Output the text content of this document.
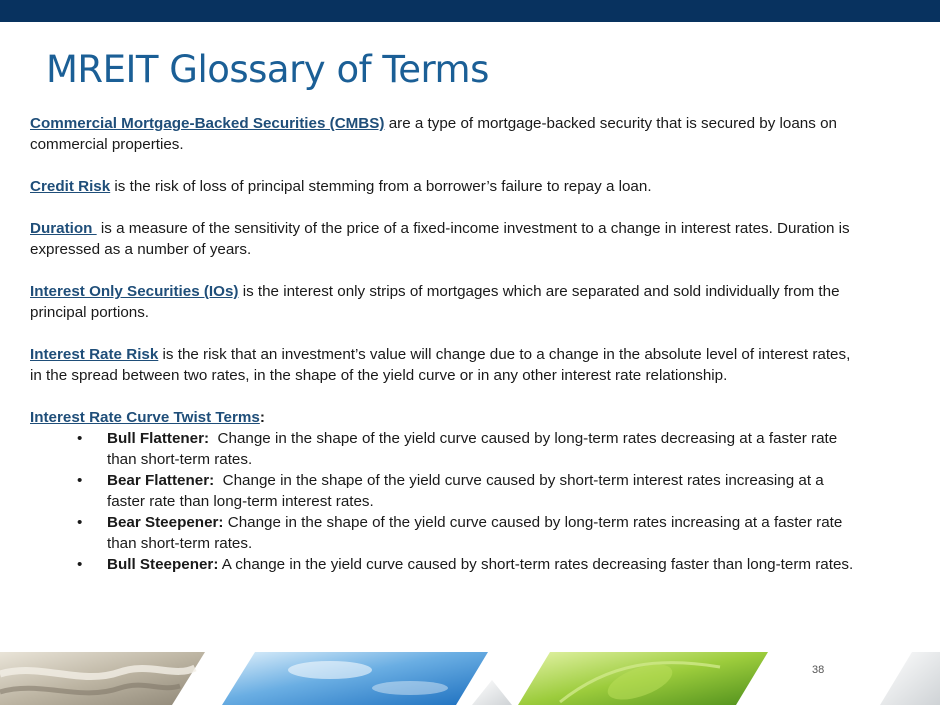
MREIT Glossary of Terms

Commercial Mortgage-Backed Securities (CMBS) are a type of mortgage-backed security that is secured by loans on commercial properties.

Credit Risk is the risk of loss of principal stemming from a borrower’s failure to repay a loan.

Duration  is a measure of the sensitivity of the price of a fixed-income investment to a change in interest rates. Duration is expressed as a number of years.

Interest Only Securities (IOs) is the interest only strips of mortgages which are separated and sold individually from the principal portions.

Interest Rate Risk is the risk that an investment’s value will change due to a change in the absolute level of interest rates, in the spread between two rates, in the shape of the yield curve or in any other interest rate relationship.

Interest Rate Curve Twist Terms:

• Bull Flattener:  Change in the shape of the yield curve caused by long-term rates decreasing at a faster rate than short-term rates.
• Bear Flattener:  Change in the shape of the yield curve caused by short-term interest rates increasing at a faster rate than long-term interest rates.
• Bear Steepener: Change in the shape of the yield curve caused by long-term rates increasing at a faster rate than short-term rates.
• Bull Steepener: A change in the yield curve caused by short-term rates decreasing faster than long-term rates.
38
